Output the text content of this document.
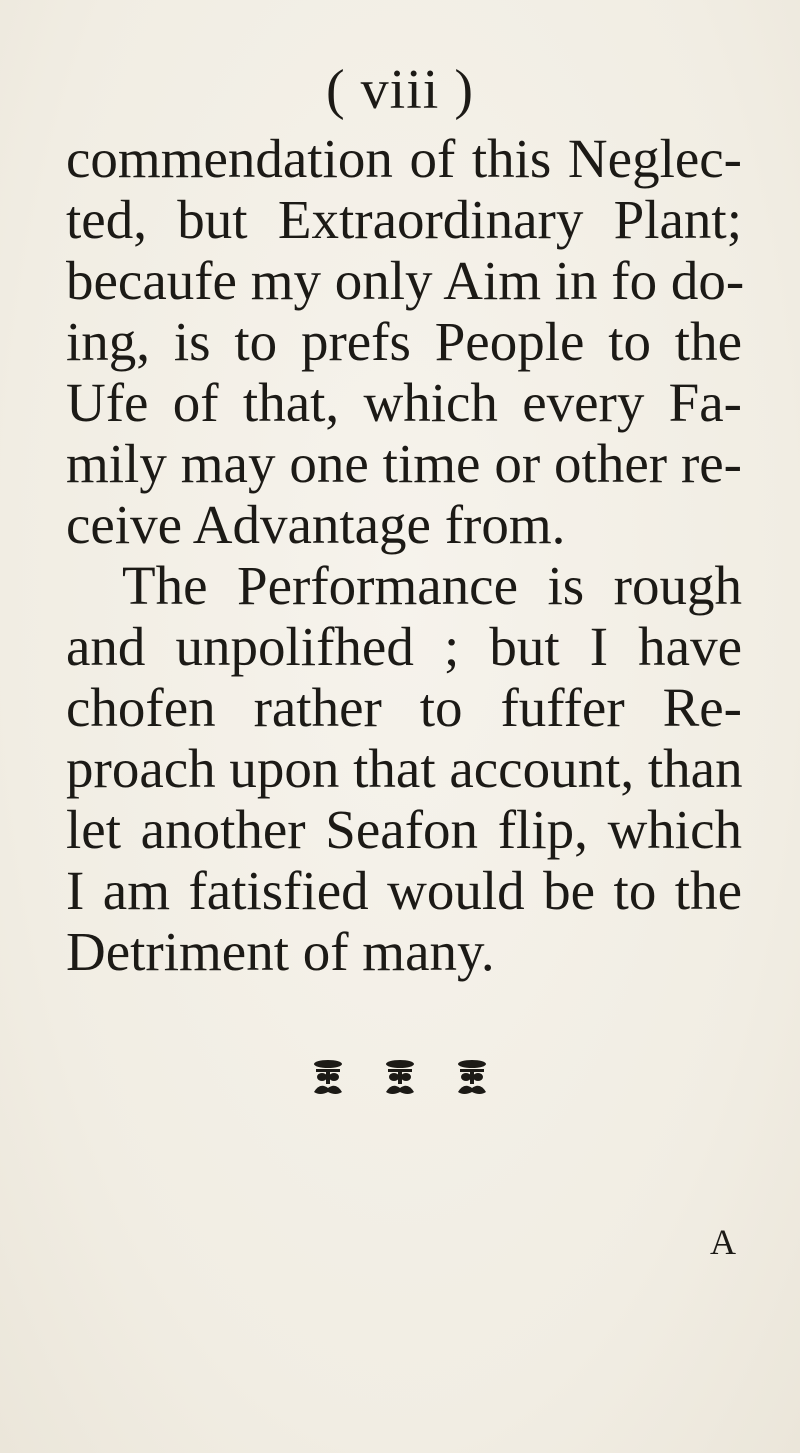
( viii )
commendation of this Neglec-
ted, but Extraordinary Plant;
becaufe my only Aim in fo do-
ing, is to prefs People to the
Ufe of that, which every Fa-
mily may one time or other re-
ceive Advantage from.
The Performance is rough
and unpolifhed ; but I have
chofen rather to fuffer Re-
proach upon that account, than
let another Seafon flip, which
I am fatisfied would be to the
Detriment of many.
A
